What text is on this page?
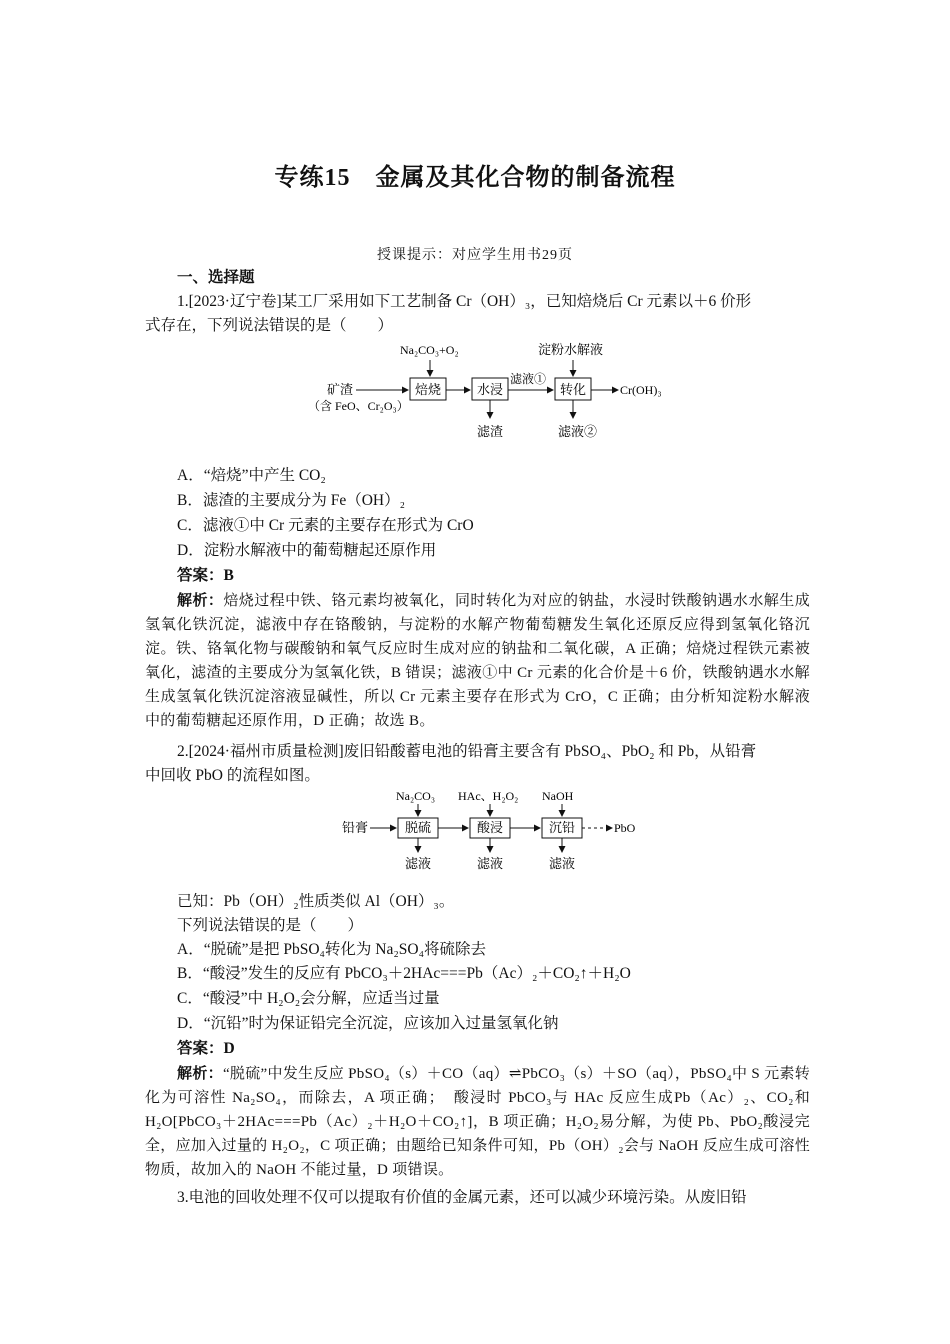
专练15　金属及其化合物的制备流程
授课提示：对应学生用书29页
一、选择题
1.[2023·辽宁卷]某工厂采用如下工艺制备 Cr（OH）₃，已知焙烧后 Cr 元素以＋6 价形
式存在，下列说法错误的是（　　）
矿渣
（含 FeO、Cr₂O₃）
Na₂CO₃+O₂
焙烧	水浸
滤渣
滤液①
淀粉水解液
转化
滤液②
Cr(OH)₃
A．“焙烧”中产生 CO₂
B．滤渣的主要成分为 Fe（OH）₂
C．滤液①中 Cr 元素的主要存在形式为 CrO
D．淀粉水解液中的葡萄糖起还原作用
答案：B
解析：焙烧过程中铁、铬元素均被氧化，同时转化为对应的钠盐，水浸时铁酸钠遇水水解生成氢氧化铁沉淀，滤液中存在铬酸钠，与淀粉的水解产物葡萄糖发生氧化还原反应得到氢氧化铬沉淀。铁、铬氧化物与碳酸钠和氧气反应时生成对应的钠盐和二氧化碳，A 正确；焙烧过程铁元素被氧化，滤渣的主要成分为氢氧化铁，B 错误；滤液①中 Cr 元素的化合价是＋6 价，铁酸钠遇水水解生成氢氧化铁沉淀溶液显碱性，所以 Cr 元素主要存在形式为 CrO，C 正确；由分析知淀粉水解液中的葡萄糖起还原作用，D 正确；故选 B。
2.[2024·福州市质量检测]废旧铅酸蓄电池的铅膏主要含有 PbSO₄、PbO₂ 和 Pb，从铅膏
中回收 PbO 的流程如图。
铅膏
Na₂CO₃
脱硫
滤液
HAc、H₂O₂
酸浸
滤液
NaOH
沉铅
滤液
PbO
已知：Pb（OH）₂性质类似 Al（OH）₃。
下列说法错误的是（　　）
A．“脱硫”是把 PbSO₄转化为 Na₂SO₄将硫除去
B．“酸浸”发生的反应有 PbCO₃＋2HAc===Pb（Ac）₂＋CO₂↑＋H₂O
C．“酸浸”中 H₂O₂会分解，应适当过量
D．“沉铅”时为保证铅完全沉淀，应该加入过量氢氧化钠
答案：D
解析：“脱硫”中发生反应 PbSO₄（s）＋CO（aq）⇌PbCO₃（s）＋SO（aq），PbSO₄中 S 元素转化为可溶性 Na₂SO₄，而除去，A 项正确；　酸浸时 PbCO₃与 HAc 反应生成Pb（Ac）₂、CO₂和 H₂O[PbCO₃＋2HAc===Pb（Ac）₂＋H₂O＋CO₂↑]，B 项正确；H₂O₂易分解，为使 Pb、PbO₂酸浸完全，应加入过量的 H₂O₂，C 项正确；由题给已知条件可知，Pb（OH）₂会与 NaOH 反应生成可溶性物质，故加入的 NaOH 不能过量，D 项错误。
3.电池的回收处理不仅可以提取有价值的金属元素，还可以减少环境污染。从废旧铅
